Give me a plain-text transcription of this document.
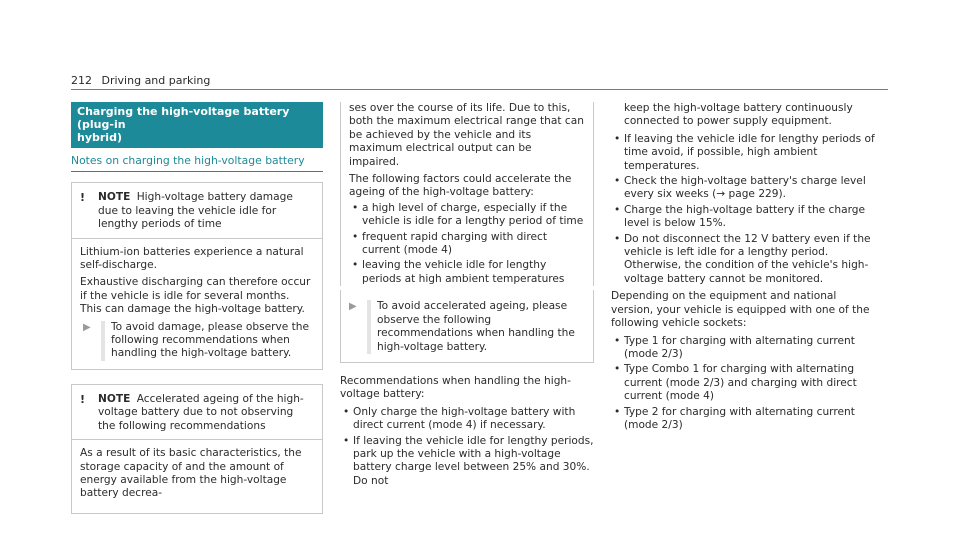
212 Driving and parking
Charging the high-voltage battery (plug-in
hybrid)
Notes on charging the high-voltage battery
!	NOTE High-voltage battery damage due to leaving the vehicle idle for lengthy periods of time

Lithium-ion batteries experience a natural self-discharge.

Exhaustive discharging can therefore occur if the vehicle is idle for several months. This can damage the high-voltage battery.

▶	To avoid damage, please observe the following recommendations when handling the high-voltage battery.
!	NOTE Accelerated ageing of the high-voltage battery due to not observing the following recommendations

As a result of its basic characteristics, the storage capacity of and the amount of energy available from the high-voltage battery decrea-

ses over the course of its life. Due to this, both the maximum electrical range that can be achieved by the vehicle and its maximum electrical output can be impaired.

The following factors could accelerate the ageing of the high-voltage battery:

• a high level of charge, especially if the vehicle is idle for a lengthy period of time
• frequent rapid charging with direct current (mode 4)
• leaving the vehicle idle for lengthy periods at high ambient temperatures
▶	To avoid accelerated ageing, please observe the following recommendations when handling the high-voltage battery.

Recommendations when handling the high-voltage battery:

• Only charge the high-voltage battery with direct current (mode 4) if necessary.
• If leaving the vehicle idle for lengthy periods, park up the vehicle with a high-voltage battery charge level between 25% and 30%. Do not

keep the high-voltage battery continuously connected to power supply equipment.

• If leaving the vehicle idle for lengthy periods of time avoid, if possible, high ambient temperatures.
• Check the high-voltage battery's charge level every six weeks (→ page 229).
• Charge the high-voltage battery if the charge level is below 15%.
• Do not disconnect the 12 V battery even if the vehicle is left idle for a lengthy period. Otherwise, the condition of the vehicle's high-voltage battery cannot be monitored.

Depending on the equipment and national version, your vehicle is equipped with one of the following vehicle sockets:

• Type 1 for charging with alternating current (mode 2/3)
• Type Combo 1 for charging with alternating current (mode 2/3) and charging with direct current (mode 4)
• Type 2 for charging with alternating current (mode 2/3)
